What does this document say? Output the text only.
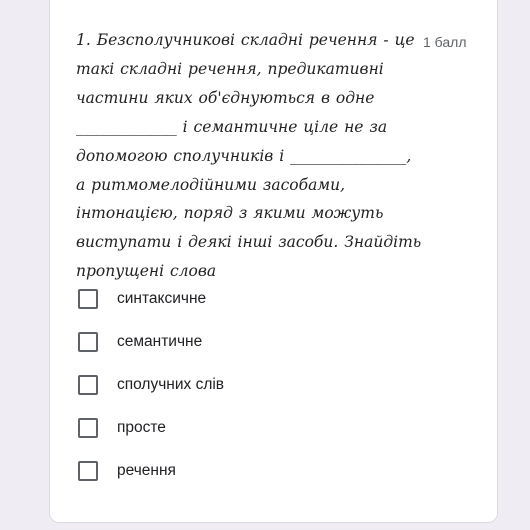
1. Безсполучникові складні речення - це такі складні речення, предикативні частини яких об'єднуються в одне _____________ і семантичне ціле не за допомогою сполучників і _______________, а ритмомелодійними засобами, інтонацією, поряд з якими можуть виступати і деякі інші засоби. Знайдіть пропущені слова

1 балл
синтаксичне
семантичне
сполучних слів
просте
речення
